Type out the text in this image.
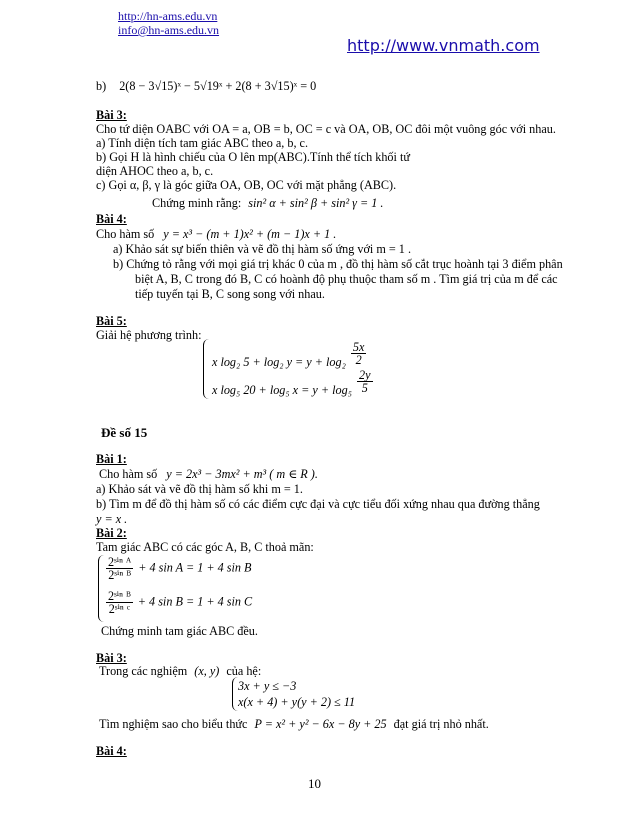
http://hn-ams.edu.vn
info@hn-ams.edu.vn
http://www.vnmath.com
b) 2(8 − 3√15)ˣ − 5√19ˣ + 2(8 + 3√15)ˣ = 0
Bài 3:
Cho tứ diện OABC với OA = a, OB = b, OC = c và OA, OB, OC đôi một vuông góc với nhau.
a) Tính diện tích tam giác ABC theo a, b, c.
b) Gọi H là hình chiếu của O lên mp(ABC).Tính thể tích khối tứ
diện AHOC theo a, b, c.
c) Gọi α, β, γ là góc giữa OA, OB, OC với mặt phẳng (ABC).
Chứng minh rằng: sin² α + sin² β + sin² γ = 1 .
Bài 4:
Cho hàm số y = x³ − (m + 1)x² + (m − 1)x + 1 .
a) Khảo sát sự biến thiên và vẽ đồ thị hàm số ứng với m = 1 .
b) Chứng tỏ rằng với mọi giá trị khác 0 của m , đồ thị hàm số cắt trục hoành tại 3 điểm phân
biệt A, B, C trong đó B, C có hoành độ phụ thuộc tham số m . Tìm giá trị của m để các
tiếp tuyến tại B, C song song với nhau.
Bài 5:
Giải hệ phương trình:
x log₂ 5 + log₂ $y = y + \log_2 \frac{5x}{2}$
x log₅ 20 + log₅ $x = y + \log_5 \frac{2y}{5}$
Đề số 15
Bài 1:
Cho hàm số y = 2x³ − 3mx² + m³ ( m ∈ R ).
a) Khảo sát và vẽ đồ thị hàm số khi m = 1.
b) Tìm m để đồ thị hàm số có các điểm cực đại và cực tiểu đối xứng nhau qua đường thẳng
y = x .
Bài 2:
Tam giác ABC có các góc A, B, C thoả mãn:
$\frac{\text{2ˢⁱⁿ ᴬ}}{\text{2ˢⁱⁿ ᴮ}} + 4$ sin A = 1 + 4 sin B
$\frac{\text{2ˢⁱⁿ ᴮ}}{\text{2ˢⁱⁿ ᶜ}} + 4$ sin B = 1 + 4 sin C
Chứng minh tam giác ABC đều.
Bài 3:
Trong các nghiệm (x, y) của hệ:
3x + y ≤ −3
x(x + 4) + y(y + 2) ≤ 11
Tìm nghiệm sao cho biểu thức P = x² + y² − 6x − 8y + 25 đạt giá trị nhỏ nhất.
Bài 4:
10
